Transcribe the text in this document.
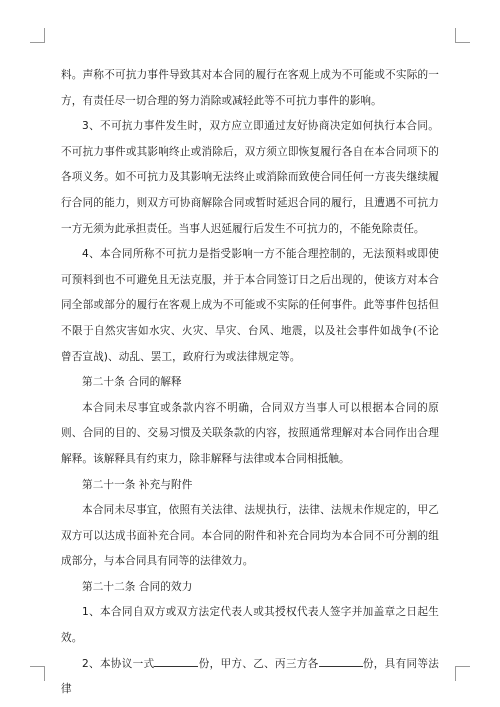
料。声称不可抗力事件导致其对本合同的履行在客观上成为不可能或不实际的一方，有责任尽一切合理的努力消除或减轻此等不可抗力事件的影响。

3、不可抗力事件发生时，双方应立即通过友好协商决定如何执行本合同。不可抗力事件或其影响终止或消除后，双方须立即恢复履行各自在本合同项下的各项义务。如不可抗力及其影响无法终止或消除而致使合同任何一方丧失继续履行合同的能力，则双方可协商解除合同或暂时延迟合同的履行，且遭遇不可抗力一方无须为此承担责任。当事人迟延履行后发生不可抗力的，不能免除责任。

4、本合同所称不可抗力是指受影响一方不能合理控制的，无法预料或即使可预料到也不可避免且无法克服，并于本合同签订日之后出现的，使该方对本合同全部或部分的履行在客观上成为不可能或不实际的任何事件。此等事件包括但不限于自然灾害如水灾、火灾、旱灾、台风、地震，以及社会事件如战争(不论曾否宣战)、动乱、罢工，政府行为或法律规定等。

第二十条 合同的解释

本合同未尽事宜或条款内容不明确，合同双方当事人可以根据本合同的原则、合同的目的、交易习惯及关联条款的内容，按照通常理解对本合同作出合理解释。该解释具有约束力，除非解释与法律或本合同相抵触。

第二十一条 补充与附件

本合同未尽事宜，依照有关法律、法规执行，法律、法规未作规定的，甲乙双方可以达成书面补充合同。本合同的附件和补充合同均为本合同不可分割的组成部分，与本合同具有同等的法律效力。

第二十二条 合同的效力

1、本合同自双方或双方法定代表人或其授权代表人签字并加盖章之日起生效。

2、本协议一式	份，甲方、乙、丙三方各	份，具有同等法律
